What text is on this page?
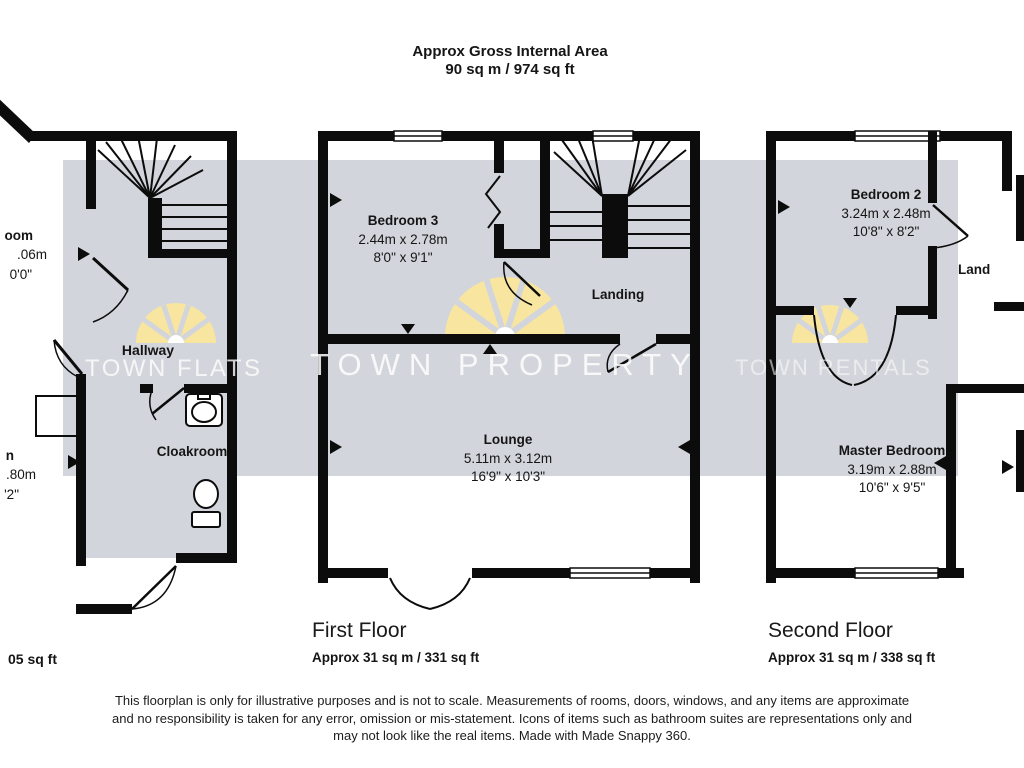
TOWN FLATS TOWN PROPERTY TOWN RENTALS
Approx Gross Internal Area
90 sq m / 974 sq ft
oom
.06m
0'0"
n
.80m
'2"
Hallway
Cloakroom
05 sq ft
Bedroom 3
2.44m x 2.78m
8'0" x 9'1"
Landing
Lounge
5.11m x 3.12m
16'9" x 10'3"
First Floor
Approx 31 sq m / 331 sq ft
Bedroom 2
3.24m x 2.48m
10'8" x 8'2"
Master Bedroom
3.19m x 2.88m
10'6" x 9'5"
Land
Second Floor
Approx 31 sq m / 338 sq ft
This floorplan is only for illustrative purposes and is not to scale. Measurements of rooms, doors, windows, and any items are approximate
and no responsibility is taken for any error, omission or mis-statement. Icons of items such as bathroom suites are representations only and
may not look like the real items. Made with Made Snappy 360.
